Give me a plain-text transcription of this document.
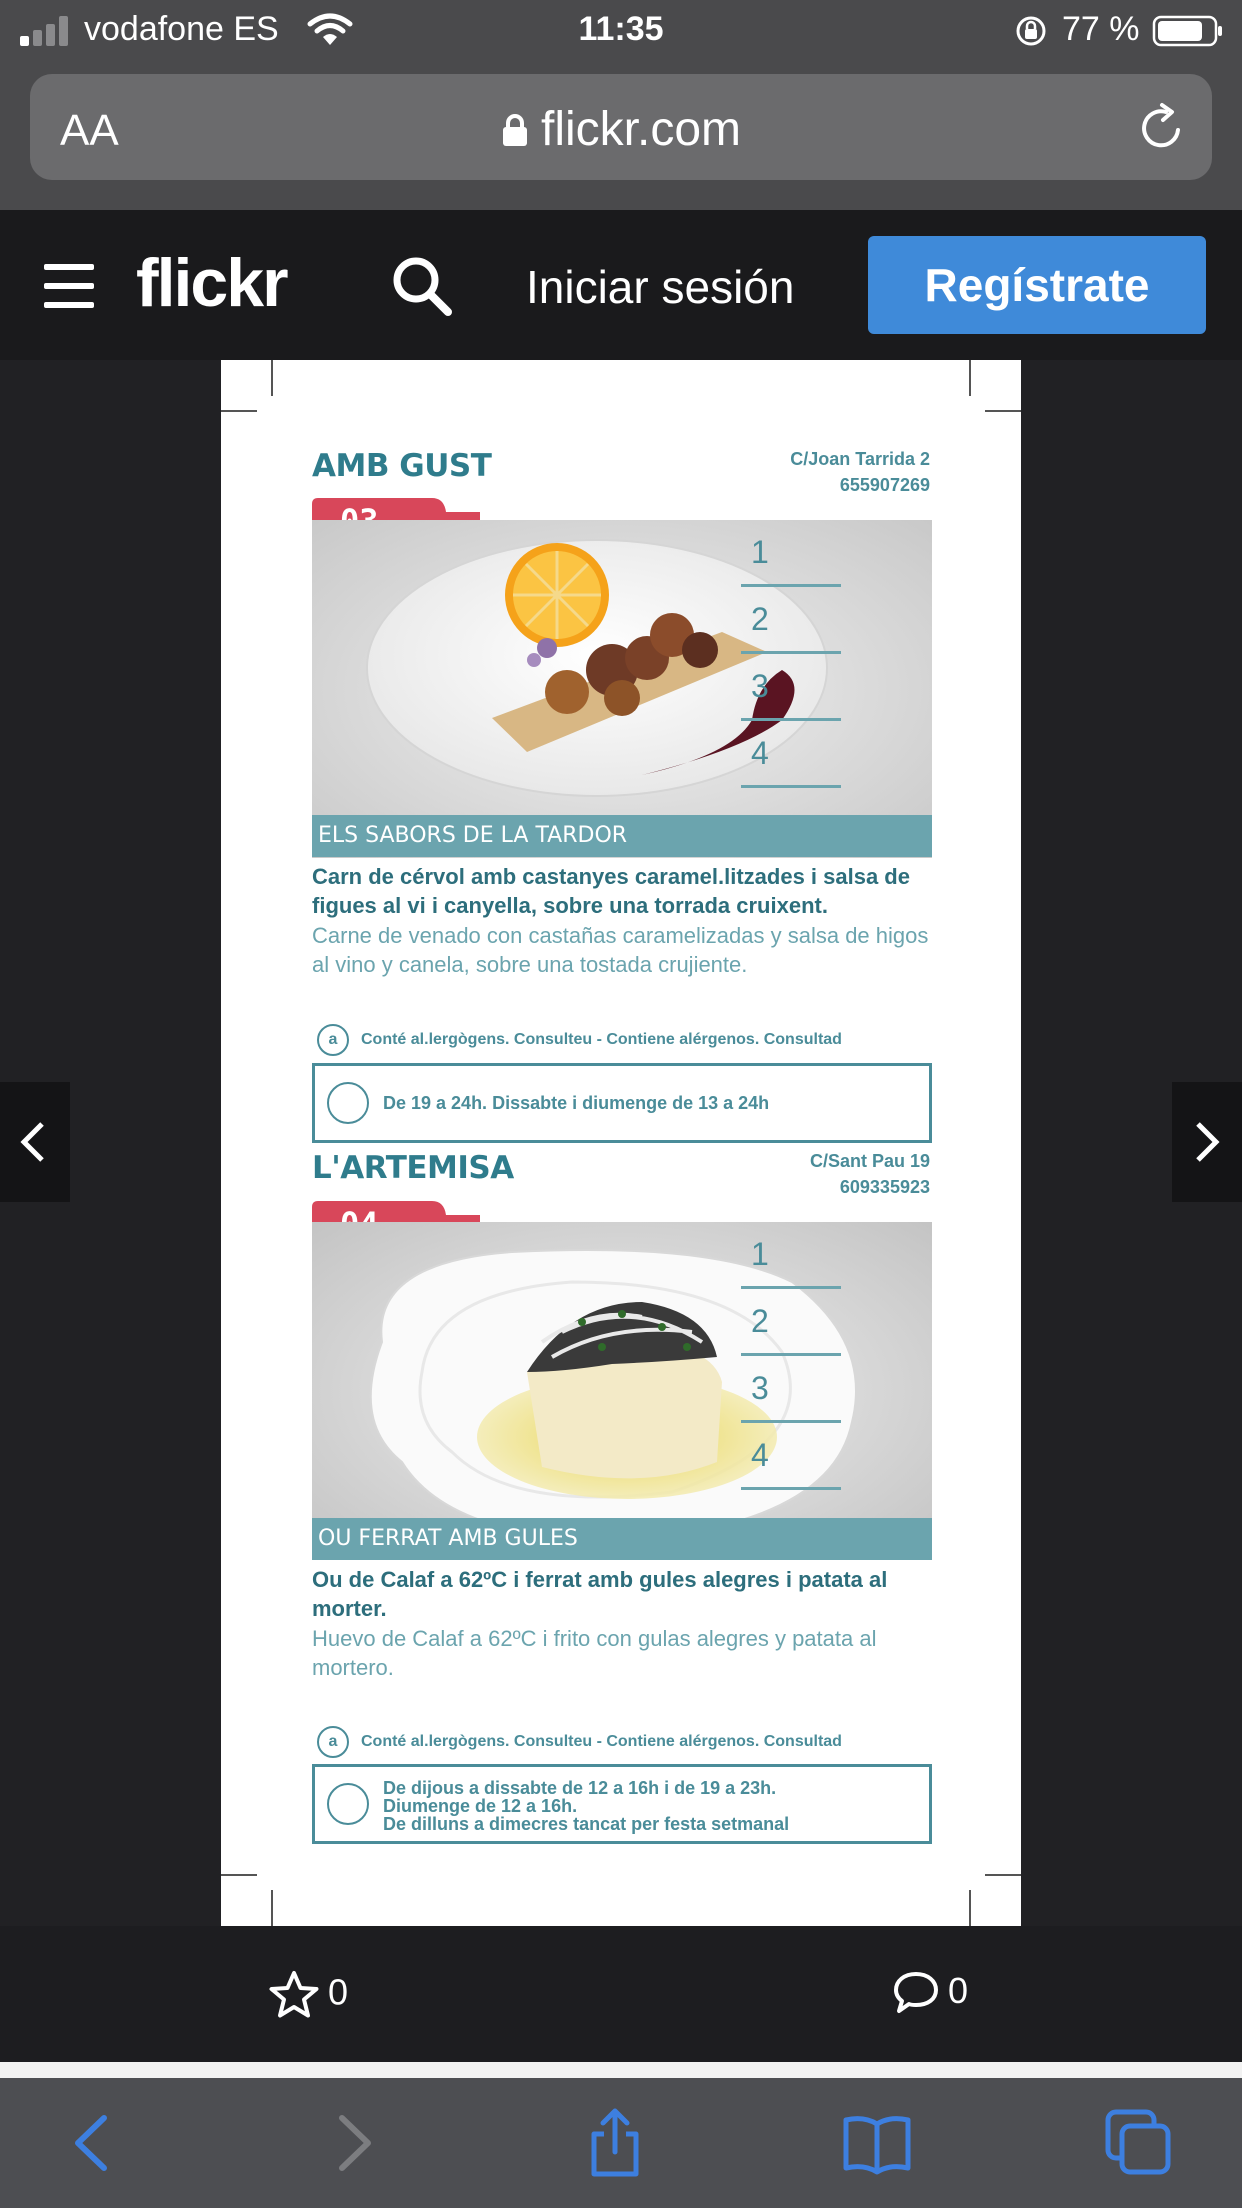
vodafone ES	11:35	77 %
AA	flickr.com
flickr	Iniciar sesión	Regístrate
AMB GUST	C/Joan Tarrida 2
655907269
1
2
3
4
ELS SABORS DE LA TARDOR
Carn de cérvol amb castanyes caramel.litzades i salsa de figues al vi i canyella, sobre una torrada cruixent.
Carne de venado con castañas caramelizadas y salsa de higos al vino y canela, sobre una tostada crujiente.
a Conté al.lergògens. Consulteu - Contiene alérgenos. Consultad
De 19 a 24h. Dissabte i diumenge de 13 a 24h
L'ARTEMISA	C/Sant Pau 19
609335923
1
2
3
4
OU FERRAT AMB GULES
Ou de Calaf a 62ºC i ferrat amb gules alegres i patata al morter.
Huevo de Calaf a 62ºC i frito con gulas alegres y patata al mortero.
a Conté al.lergògens. Consulteu - Contiene alérgenos. Consultad
De dijous a dissabte de 12 a 16h i de 19 a 23h.
Diumenge de 12 a 16h.
De dilluns a dimecres tancat per festa setmanal
0	0
